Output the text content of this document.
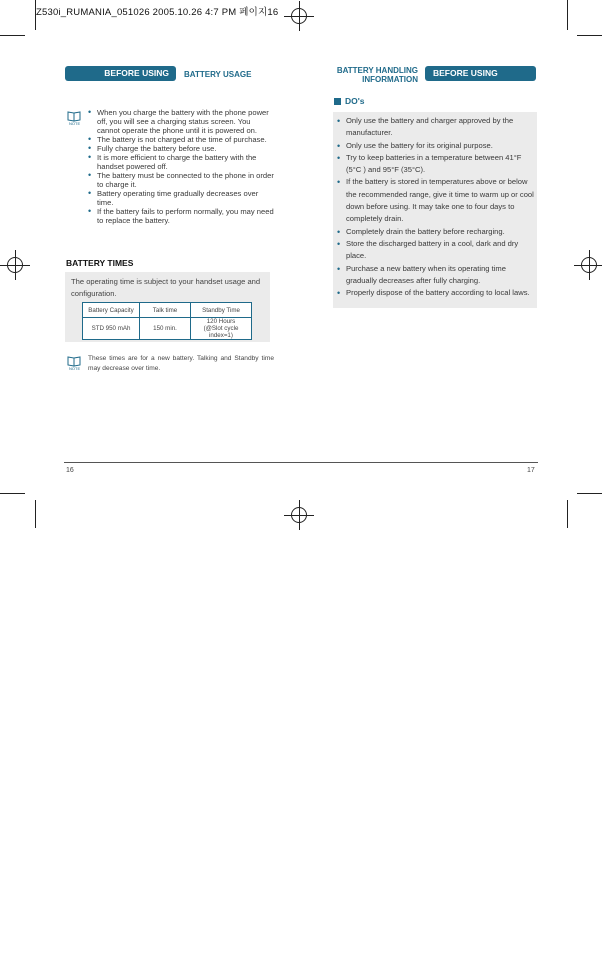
Z530i_RUMANIA_051026 2005.10.26 4:7 PM 페이지16
BEFORE USING BATTERY USAGE
NOTE
• When you charge the battery with the phone power off, you will see a charging status screen. You cannot operate the phone until it is powered on.
• The battery is not charged at the time of purchase.
• Fully charge the battery before use.
• It is more efficient to charge the battery with the handset powered off.
• The battery must be connected to the phone in order to charge it.
• Battery operating time gradually decreases over time.
• If the battery fails to perform normally, you may need to replace the battery.
BATTERY TIMES
The operating time is subject to your handset usage and configuration.
Battery Capacity	Talk time	Standby Time
STD 950 mAh	150 min.	120 Hours
(@Slot cycle index=1)
NOTE
These times are for a new battery. Talking and Standby time may decrease over time.
BATTERY HANDLING
INFORMATION
BEFORE USING
DO's
• Only use the battery and charger approved by the manufacturer.
• Only use the battery for its original purpose.
• Try to keep batteries in a temperature between 41°F (5°C ) and 95°F (35°C).
• If the battery is stored in temperatures above or below the recommended range, give it time to warm up or cool down before using. It may take one to four days to completely drain.
• Completely drain the battery before recharging.
• Store the discharged battery in a cool, dark and dry place.
• Purchase a new battery when its operating time gradually decreases after fully charging.
• Properly dispose of the battery according to local laws.
16	17
